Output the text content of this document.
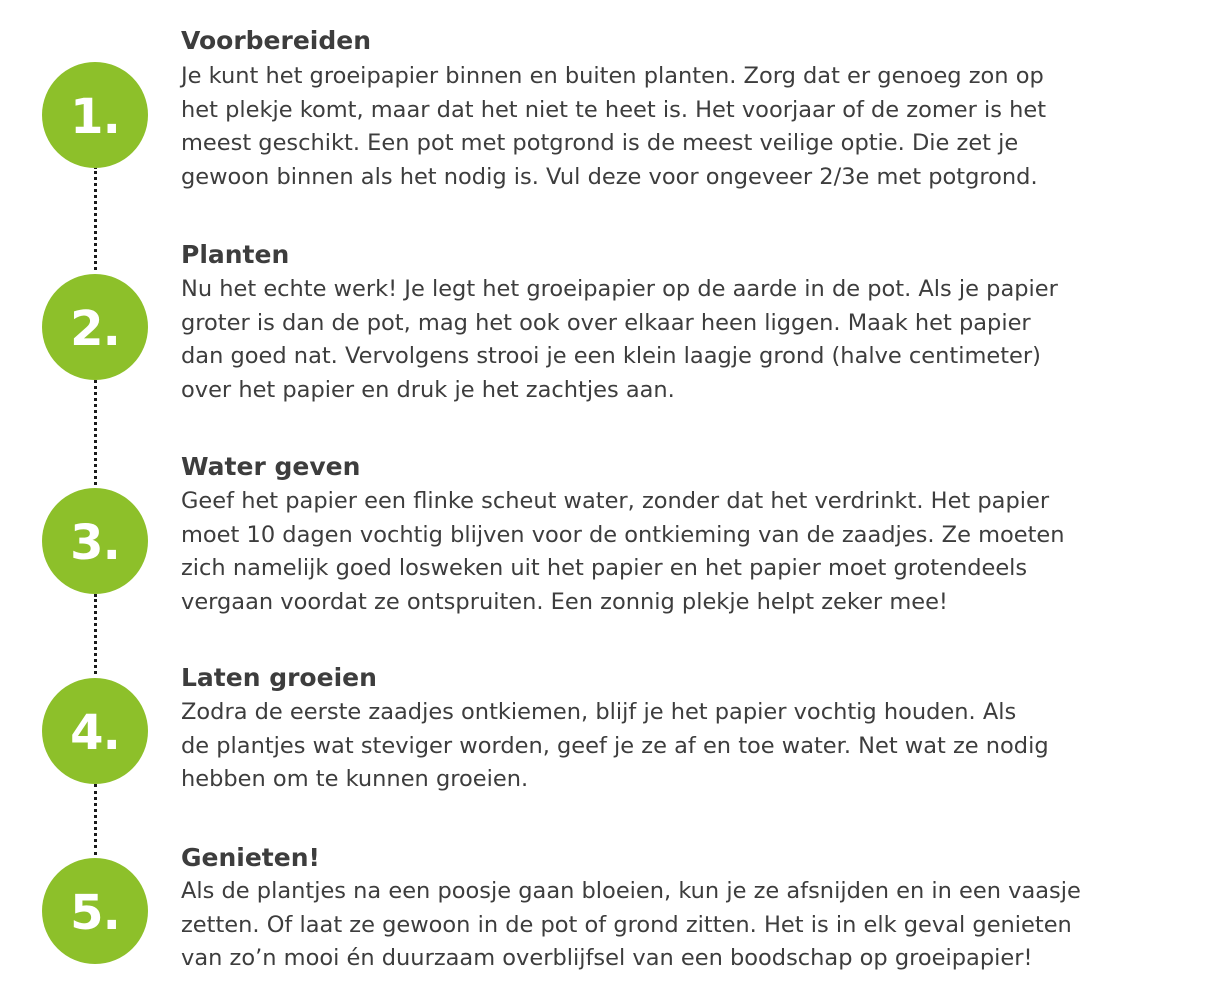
1.
Voorbereiden
Je kunt het groeipapier binnen en buiten planten. Zorg dat er genoeg zon op
het plekje komt, maar dat het niet te heet is. Het voorjaar of de zomer is het
meest geschikt. Een pot met potgrond is de meest veilige optie. Die zet je
gewoon binnen als het nodig is. Vul deze voor ongeveer 2/3e met potgrond.
2.
Planten
Nu het echte werk! Je legt het groeipapier op de aarde in de pot. Als je papier
groter is dan de pot, mag het ook over elkaar heen liggen. Maak het papier
dan goed nat. Vervolgens strooi je een klein laagje grond (halve centimeter)
over het papier en druk je het zachtjes aan.
3.
Water geven
Geef het papier een flinke scheut water, zonder dat het verdrinkt. Het papier
moet 10 dagen vochtig blijven voor de ontkieming van de zaadjes. Ze moeten
zich namelijk goed losweken uit het papier en het papier moet grotendeels
vergaan voordat ze ontspruiten. Een zonnig plekje helpt zeker mee!
4.
Laten groeien
Zodra de eerste zaadjes ontkiemen, blijf je het papier vochtig houden. Als
de plantjes wat steviger worden, geef je ze af en toe water. Net wat ze nodig
hebben om te kunnen groeien.
5.
Genieten!
Als de plantjes na een poosje gaan bloeien, kun je ze afsnijden en in een vaasje
zetten. Of laat ze gewoon in de pot of grond zitten. Het is in elk geval genieten
van zo’n mooi én duurzaam overblijfsel van een boodschap op groeipapier!
